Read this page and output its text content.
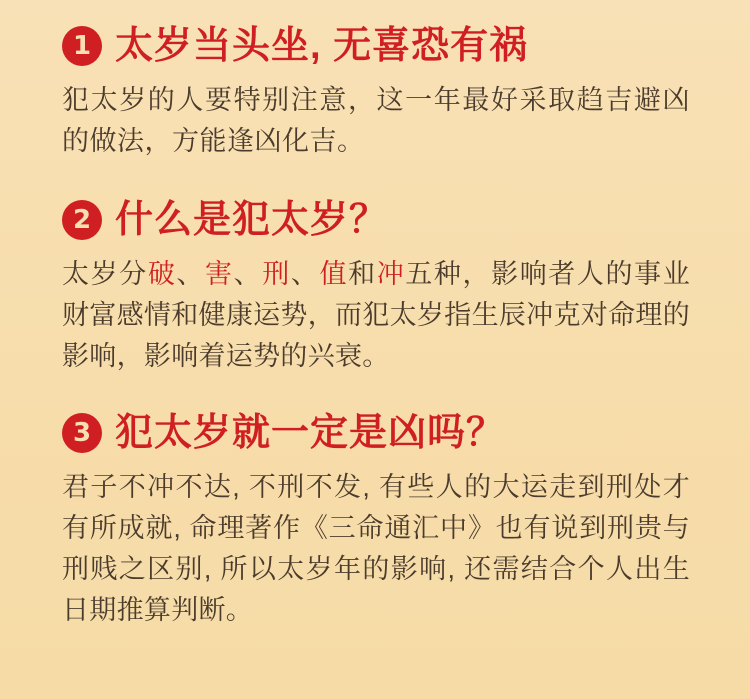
1 太岁当头坐, 无喜恐有祸

犯太岁的人要特别注意，这一年最好采取趋吉避凶的做法，方能逢凶化吉。

2 什么是犯太岁？

太岁分破、害、刑、值和冲五种，影响者人的事业财富感情和健康运势，而犯太岁指生辰冲克对命理的影响，影响着运势的兴衰。

3 犯太岁就一定是凶吗？

君子不冲不达, 不刑不发, 有些人的大运走到刑处才有所成就, 命理著作《三命通汇中》也有说到刑贵与刑贱之区别, 所以太岁年的影响, 还需结合个人出生日期推算判断。
